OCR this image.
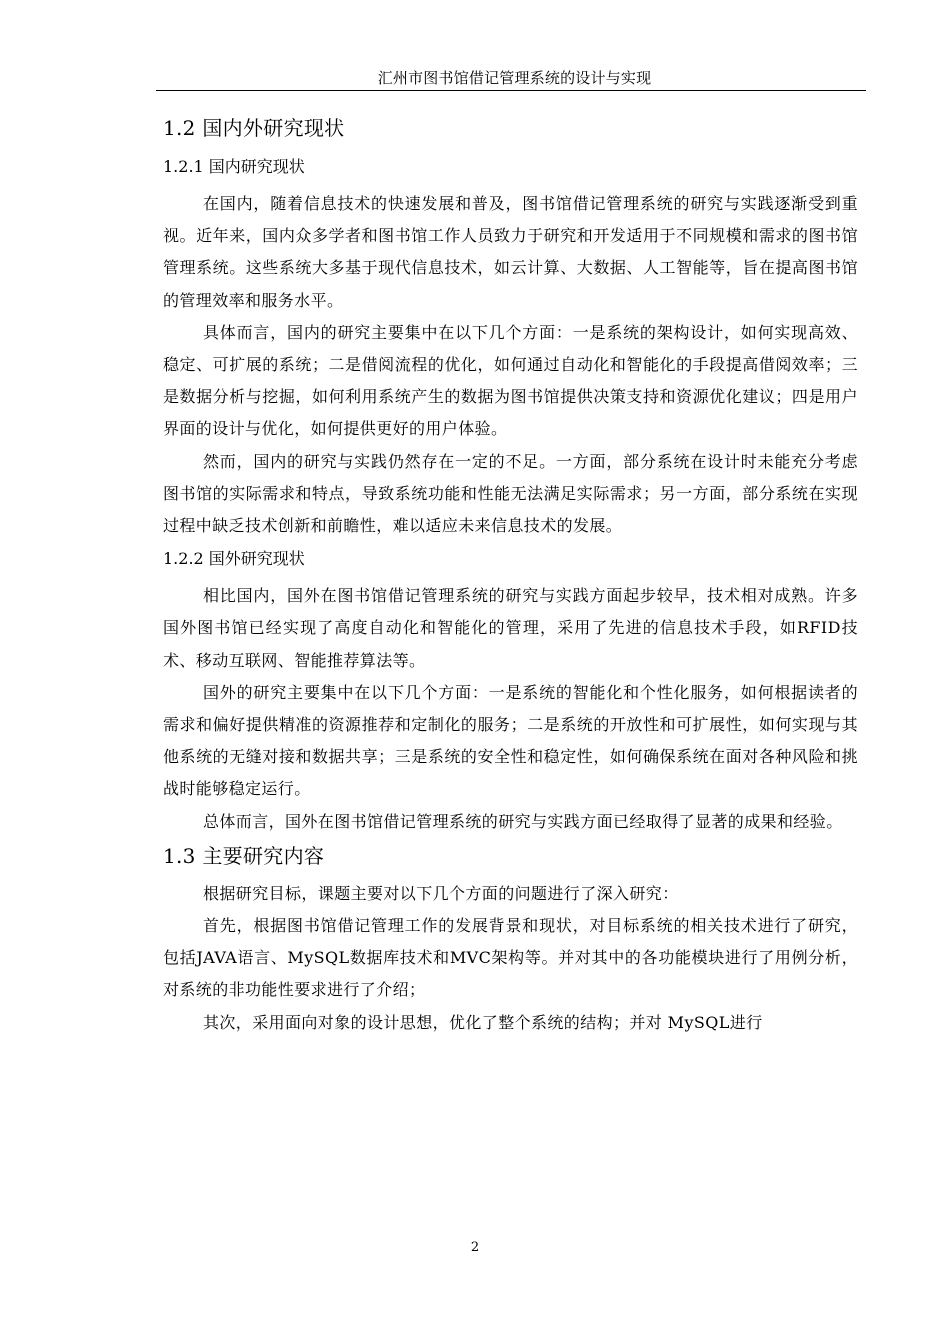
汇州市图书馆借记管理系统的设计与实现
1.2 国内外研究现状
1.2.1 国内研究现状

在国内，随着信息技术的快速发展和普及，图书馆借记管理系统的研究与实践逐渐受到重视。近年来，国内众多学者和图书馆工作人员致力于研究和开发适用于不同规模和需求的图书馆管理系统。这些系统大多基于现代信息技术，如云计算、大数据、人工智能等，旨在提高图书馆的管理效率和服务水平。

具体而言，国内的研究主要集中在以下几个方面：一是系统的架构设计，如何实现高效、稳定、可扩展的系统；二是借阅流程的优化，如何通过自动化和智能化的手段提高借阅效率；三是数据分析与挖掘，如何利用系统产生的数据为图书馆提供决策支持和资源优化建议；四是用户界面的设计与优化，如何提供更好的用户体验。

然而，国内的研究与实践仍然存在一定的不足。一方面，部分系统在设计时未能充分考虑图书馆的实际需求和特点，导致系统功能和性能无法满足实际需求；另一方面，部分系统在实现过程中缺乏技术创新和前瞻性，难以适应未来信息技术的发展。

1.2.2 国外研究现状

相比国内，国外在图书馆借记管理系统的研究与实践方面起步较早，技术相对成熟。许多国外图书馆已经实现了高度自动化和智能化的管理，采用了先进的信息技术手段，如RFID技术、移动互联网、智能推荐算法等。

国外的研究主要集中在以下几个方面：一是系统的智能化和个性化服务，如何根据读者的需求和偏好提供精准的资源推荐和定制化的服务；二是系统的开放性和可扩展性，如何实现与其他系统的无缝对接和数据共享；三是系统的安全性和稳定性，如何确保系统在面对各种风险和挑战时能够稳定运行。

总体而言，国外在图书馆借记管理系统的研究与实践方面已经取得了显著的成果和经验。

1.3 主要研究内容

根据研究目标，课题主要对以下几个方面的问题进行了深入研究：

首先，根据图书馆借记管理工作的发展背景和现状，对目标系统的相关技术进行了研究，包括JAVA语言、MySQL数据库技术和MVC架构等。并对其中的各功能模块进行了用例分析，对系统的非功能性要求进行了介绍；

其次，采用面向对象的设计思想，优化了整个系统的结构；并对 MySQL进行

2
